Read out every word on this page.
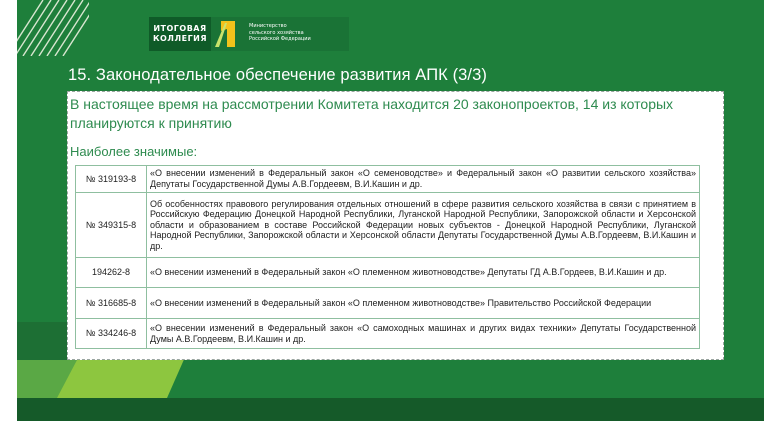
ИТОГОВАЯ
КОЛЛЕГИЯ
Министерство
сельского хозяйства
Российской Федерации
15. Законодательное обеспечение развития АПК (3/3)
В настоящее время на рассмотрении Комитета находится 20 законопроектов, 14 из которых планируются к принятию
Наиболее значимые:
№ 319193-8	«О внесении изменений в Федеральный закон «О семеноводстве» и Федеральный закон «О развитии сельского хозяйства» Депутаты Государственной Думы А.В.Гордеевм, В.И.Кашин и др.
№ 349315-8	Об особенностях правового регулирования отдельных отношений в сфере развития сельского хозяйства в связи с принятием в Российскую Федерацию Донецкой Народной Республики, Луганской Народной Республики, Запорожской области и Херсонской области и образованием в составе Российской Федерации новых субъектов - Донецкой Народной Республики, Луганской Народной Республики, Запорожской области и Херсонской области Депутаты Государственной Думы А.В.Гордеевм, В.И.Кашин и др.
194262-8	«О внесении изменений в Федеральный закон «О племенном животноводстве» Депутаты ГД А.В.Гордеев, В.И.Кашин и др.
№ 316685-8	«О внесении изменений в Федеральный закон «О племенном животноводстве» Правительство Российской Федерации
№ 334246-8	«О внесении изменений в Федеральный закон «О самоходных машинах и других видах техники» Депутаты Государственной Думы А.В.Гордеевм, В.И.Кашин и др.
